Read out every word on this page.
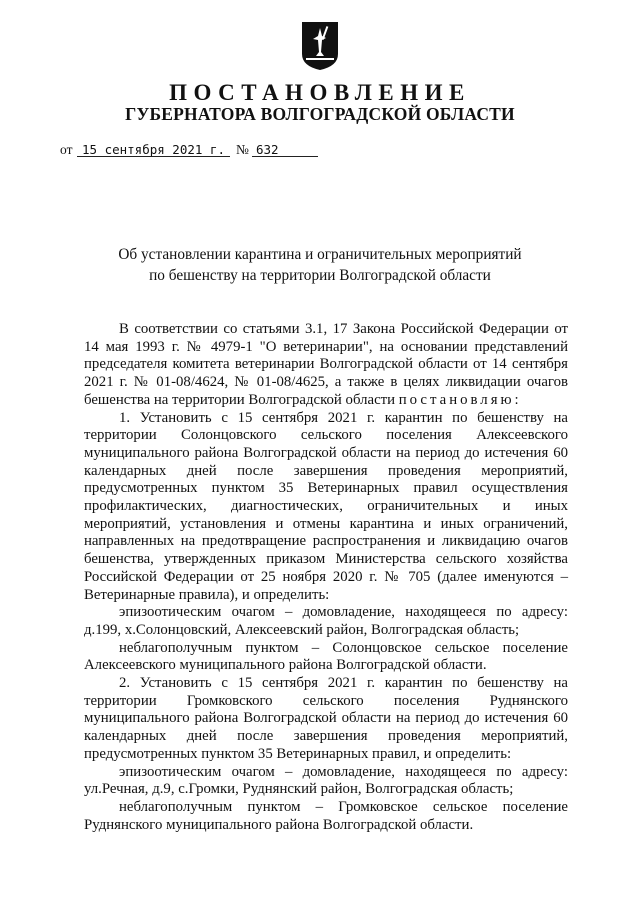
ПОСТАНОВЛЕНИЕ
ГУБЕРНАТОРА ВОЛГОГРАДСКОЙ ОБЛАСТИ
от 15 сентября 2021 г. № 632
Об установлении карантина и ограничительных мероприятий
по бешенству на территории Волгоградской области

В соответствии со статьями 3.1, 17 Закона Российской Федерации от 14 мая 1993 г. № 4979-1 "О ветеринарии", на основании представлений председателя комитета ветеринарии Волгоградской области от 14 сентября 2021 г. № 01-08/4624, № 01-08/4625, а также в целях ликвидации очагов бешенства на территории Волгоградской области постановляю:

1. Установить с 15 сентября 2021 г. карантин по бешенству на территории Солонцовского сельского поселения Алексеевского муниципального района Волгоградской области на период до истечения 60 календарных дней после завершения проведения мероприятий, предусмотренных пунктом 35 Ветеринарных правил осуществления профилактических, диагностических, ограничительных и иных мероприятий, установления и отмены карантина и иных ограничений, направленных на предотвращение распространения и ликвидацию очагов бешенства, утвержденных приказом Министерства сельского хозяйства Российской Федерации от 25 ноября 2020 г. № 705 (далее именуются – Ветеринарные правила), и определить:

эпизоотическим очагом – домовладение, находящееся по адресу: д.199, х.Солонцовский, Алексеевский район, Волгоградская область;

неблагополучным пунктом – Солонцовское сельское поселение Алексеевского муниципального района Волгоградской области.

2. Установить с 15 сентября 2021 г. карантин по бешенству на территории Громковского сельского поселения Руднянского муниципального района Волгоградской области на период до истечения 60 календарных дней после завершения проведения мероприятий, предусмотренных пунктом 35 Ветеринарных правил, и определить:

эпизоотическим очагом – домовладение, находящееся по адресу: ул.Речная, д.9, с.Громки, Руднянский район, Волгоградская область;

неблагополучным пунктом – Громковское сельское поселение Руднянского муниципального района Волгоградской области.
